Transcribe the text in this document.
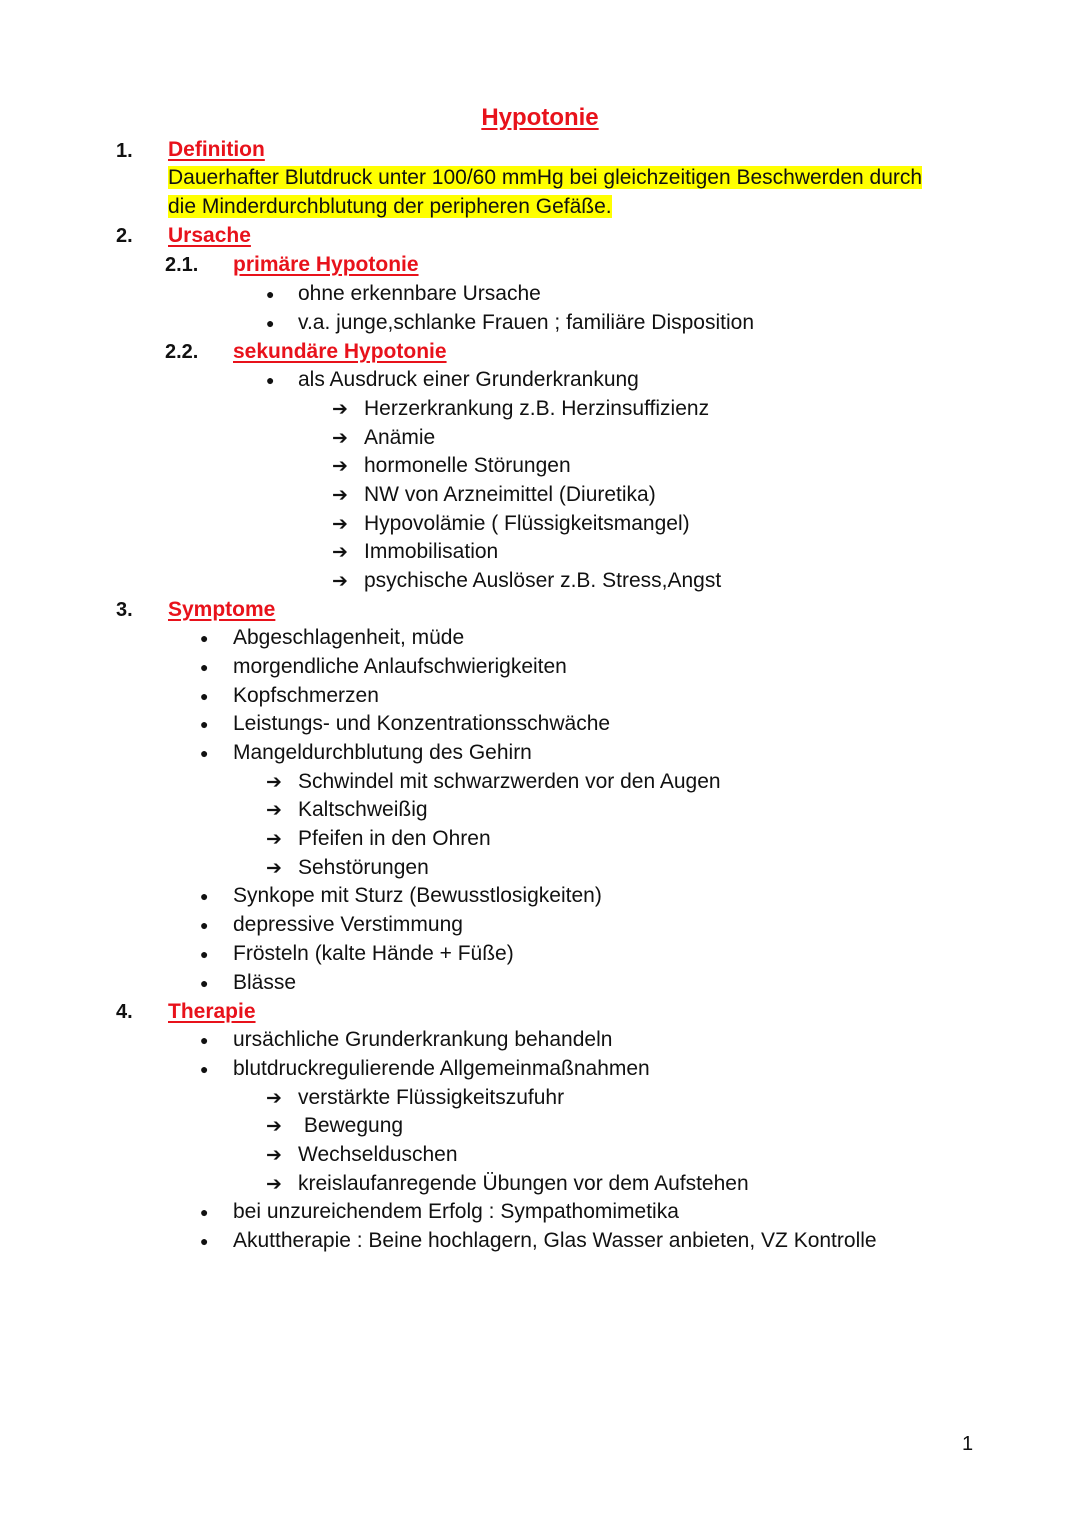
Hypotonie
1. Definition
Dauerhafter Blutdruck unter 100/60 mmHg bei gleichzeitigen Beschwerden durch
die Minderdurchblutung der peripheren Gefäße.
2. Ursache
2.1. primäre Hypotonie
● ohne erkennbare Ursache
● v.a. junge,schlanke Frauen ; familiäre Disposition
2.2. sekundäre Hypotonie
● als Ausdruck einer Grunderkrankung
➔ Herzerkrankung z.B. Herzinsuffizienz
➔ Anämie
➔ hormonelle Störungen
➔ NW von Arzneimittel (Diuretika)
➔ Hypovolämie ( Flüssigkeitsmangel)
➔ Immobilisation
➔ psychische Auslöser z.B. Stress,Angst
3. Symptome
● Abgeschlagenheit, müde
● morgendliche Anlaufschwierigkeiten
● Kopfschmerzen
● Leistungs- und Konzentrationsschwäche
● Mangeldurchblutung des Gehirn
➔ Schwindel mit schwarzwerden vor den Augen
➔ Kaltschweißig
➔ Pfeifen in den Ohren
➔ Sehstörungen
● Synkope mit Sturz (Bewusstlosigkeiten)
● depressive Verstimmung
● Frösteln (kalte Hände + Füße)
● Blässe
4. Therapie
● ursächliche Grunderkrankung behandeln
● blutdruckregulierende Allgemeinmaßnahmen
➔ verstärkte Flüssigkeitszufuhr
➔ Bewegung
➔ Wechselduschen
➔ kreislaufanregende Übungen vor dem Aufstehen
● bei unzureichendem Erfolg : Sympathomimetika
● Akuttherapie : Beine hochlagern, Glas Wasser anbieten, VZ Kontrolle
1
